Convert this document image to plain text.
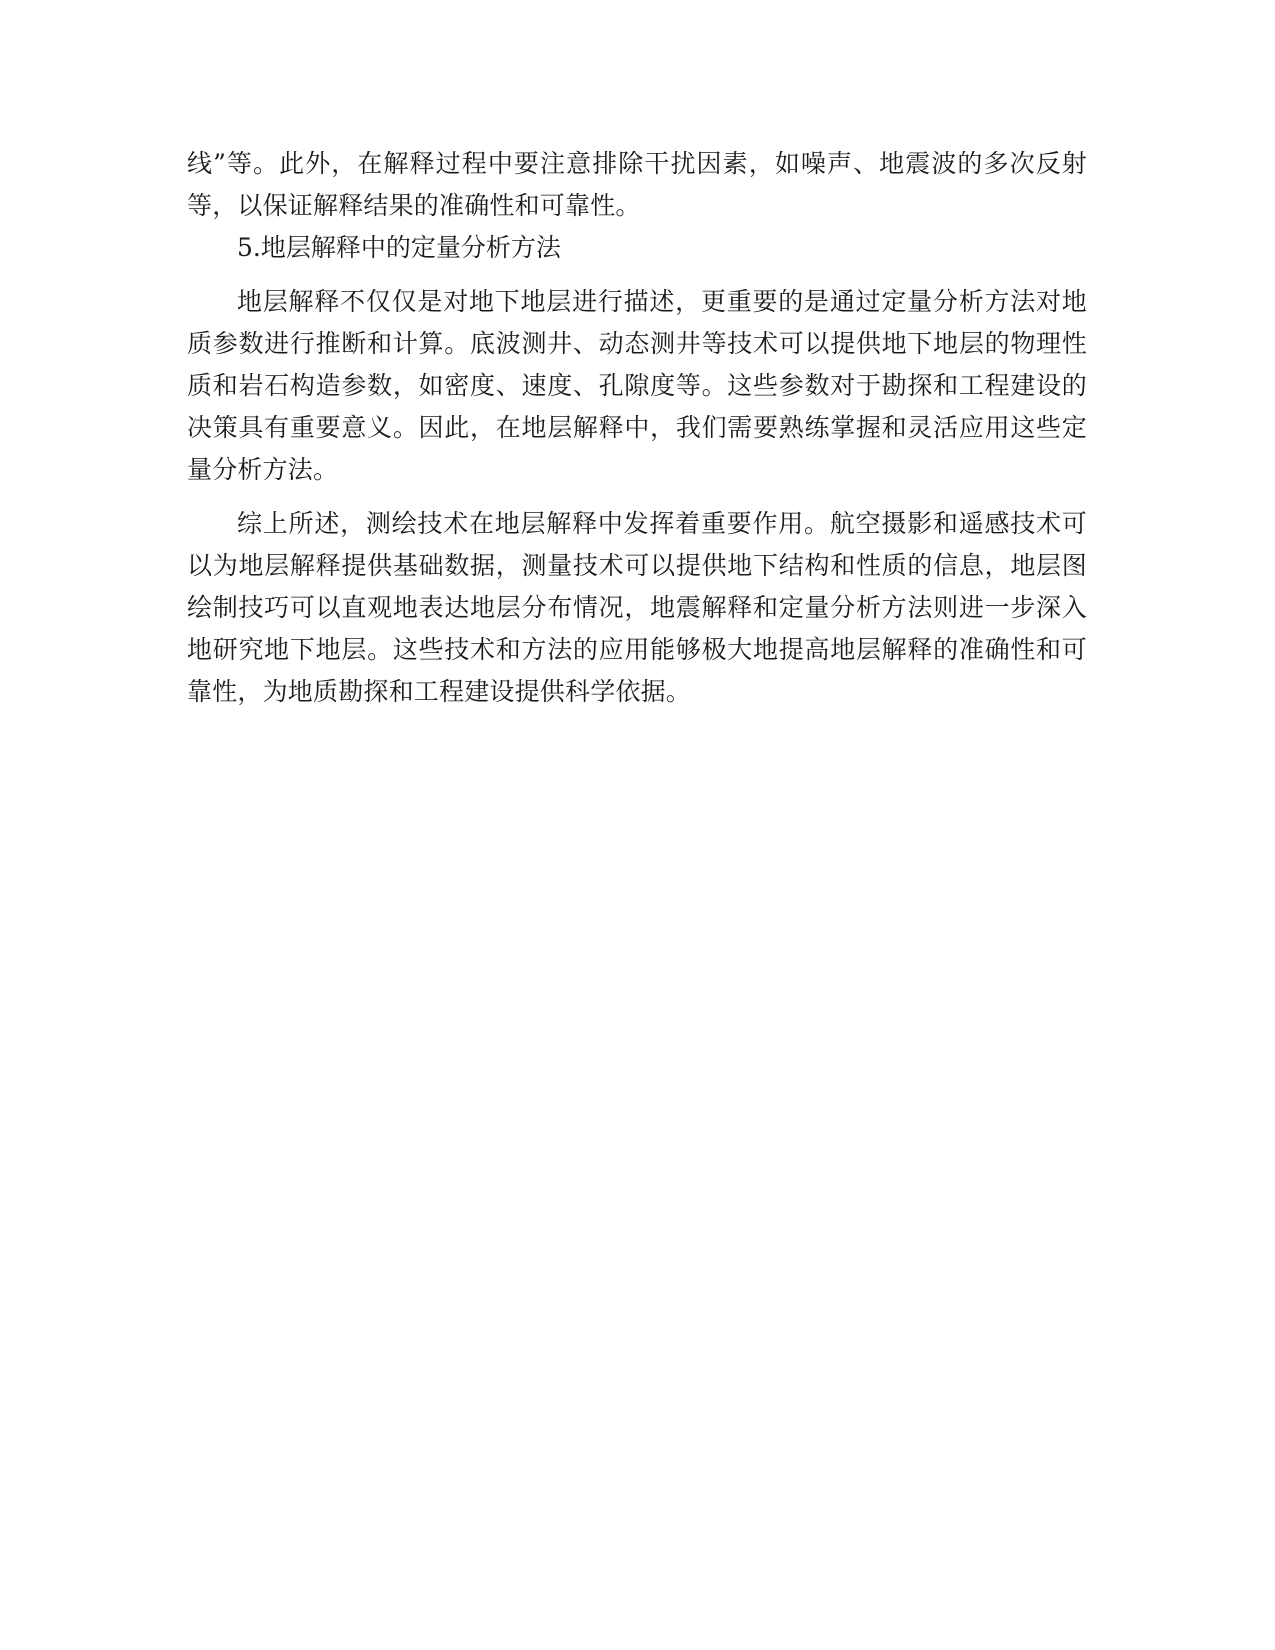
线”等。此外，在解释过程中要注意排除干扰因素，如噪声、地震波的多次反射等，以保证解释结果的准确性和可靠性。

5.地层解释中的定量分析方法

地层解释不仅仅是对地下地层进行描述，更重要的是通过定量分析方法对地质参数进行推断和计算。底波测井、动态测井等技术可以提供地下地层的物理性质和岩石构造参数，如密度、速度、孔隙度等。这些参数对于勘探和工程建设的决策具有重要意义。因此，在地层解释中，我们需要熟练掌握和灵活应用这些定量分析方法。

综上所述，测绘技术在地层解释中发挥着重要作用。航空摄影和遥感技术可以为地层解释提供基础数据，测量技术可以提供地下结构和性质的信息，地层图绘制技巧可以直观地表达地层分布情况，地震解释和定量分析方法则进一步深入地研究地下地层。这些技术和方法的应用能够极大地提高地层解释的准确性和可靠性，为地质勘探和工程建设提供科学依据。
